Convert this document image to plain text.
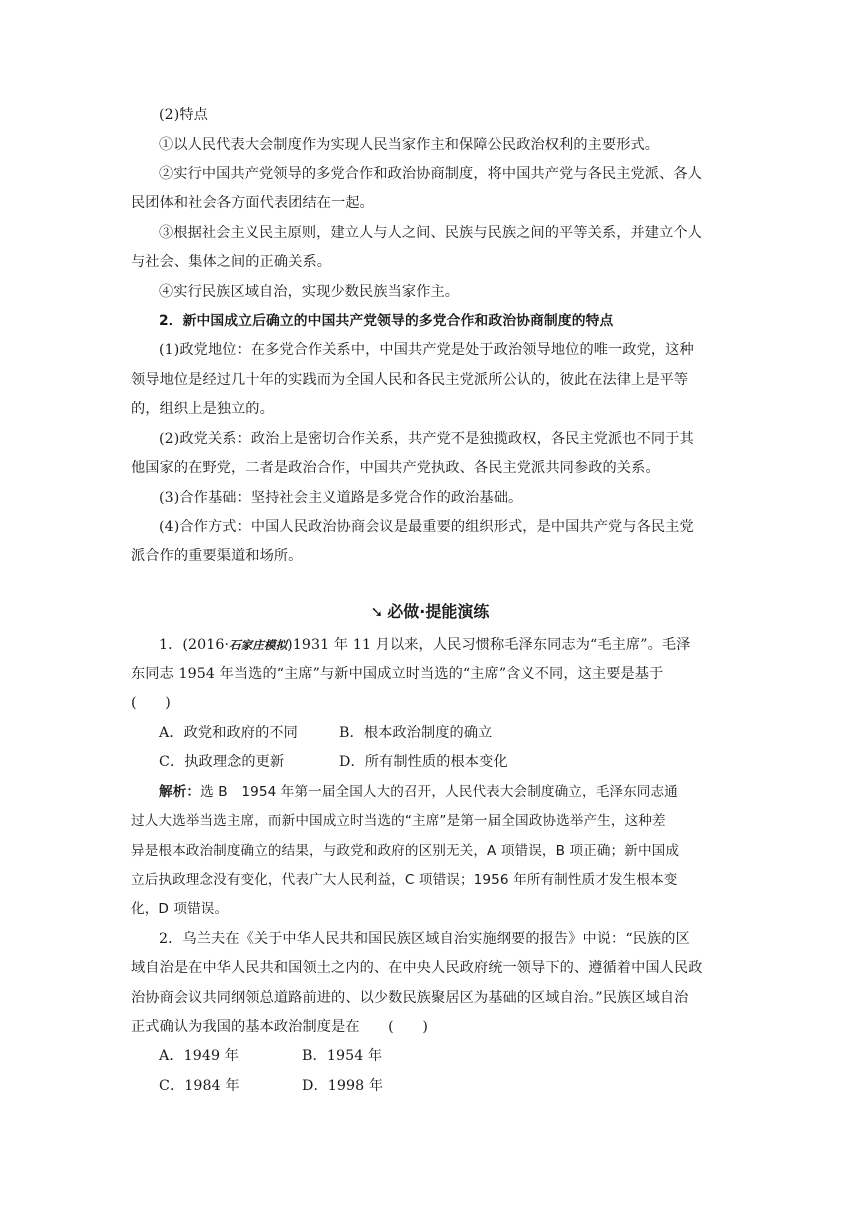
(2)特点
①以人民代表大会制度作为实现人民当家作主和保障公民政治权利的主要形式。
②实行中国共产党领导的多党合作和政治协商制度，将中国共产党与各民主党派、各人
民团体和社会各方面代表团结在一起。
③根据社会主义民主原则，建立人与人之间、民族与民族之间的平等关系，并建立个人
与社会、集体之间的正确关系。
④实行民族区域自治，实现少数民族当家作主。
2．新中国成立后确立的中国共产党领导的多党合作和政治协商制度的特点
(1)政党地位：在多党合作关系中，中国共产党是处于政治领导地位的唯一政党，这种
领导地位是经过几十年的实践而为全国人民和各民主党派所公认的，彼此在法律上是平等
的，组织上是独立的。
(2)政党关系：政治上是密切合作关系，共产党不是独揽政权，各民主党派也不同于其
他国家的在野党，二者是政治合作，中国共产党执政、各民主党派共同参政的关系。
(3)合作基础：坚持社会主义道路是多党合作的政治基础。
(4)合作方式：中国人民政治协商会议是最重要的组织形式，是中国共产党与各民主党
派合作的重要渠道和场所。
➘ 必做·提能演练
1．(2016·石家庄模拟)1931 年 11 月以来，人民习惯称毛泽东同志为“毛主席”。毛泽
东同志 1954 年当选的“主席”与新中国成立时当选的“主席”含义不同，这主要是基于
(　　)
A．政党和政府的不同	B．根本政治制度的确立
C．执政理念的更新	D．所有制性质的根本变化
解析：选 B　1954 年第一届全国人大的召开，人民代表大会制度确立，毛泽东同志通
过人大选举当选主席，而新中国成立时当选的“主席”是第一届全国政协选举产生，这种差
异是根本政治制度确立的结果，与政党和政府的区别无关，A 项错误，B 项正确；新中国成
立后执政理念没有变化，代表广大人民利益，C 项错误；1956 年所有制性质才发生根本变
化，D 项错误。
2．乌兰夫在《关于中华人民共和国民族区域自治实施纲要的报告》中说：“民族的区
域自治是在中华人民共和国领土之内的、在中央人民政府统一领导下的、遵循着中国人民政
治协商会议共同纲领总道路前进的、以少数民族聚居区为基础的区域自治。”民族区域自治
正式确认为我国的基本政治制度是在　　(　　)
A．1949 年	B．1954 年
C．1984 年	D．1998 年
